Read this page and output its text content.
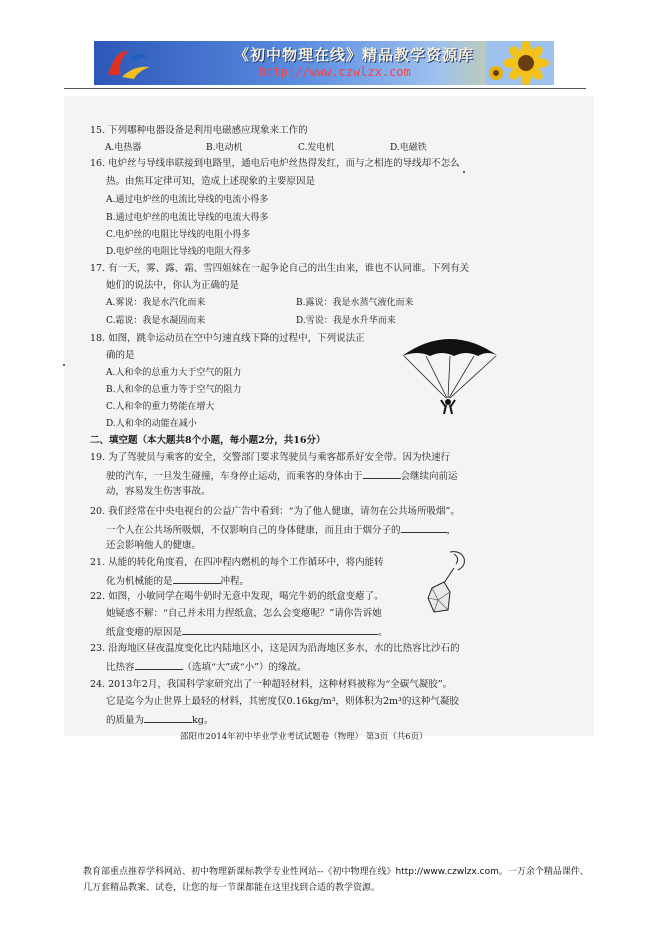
《初中物理在线》精品教学资源库
http://www.czwlzx.com
15. 下列哪种电器设备是利用电磁感应现象来工作的
A.电热器	B.电动机	C.发电机	D.电磁铁
16. 电炉丝与导线串联接到电路里，通电后电炉丝热得发红，而与之相连的导线却不怎么
热。由焦耳定律可知，造成上述现象的主要原因是
A.通过电炉丝的电流比导线的电流小得多
B.通过电炉丝的电流比导线的电流大得多
C.电炉丝的电阻比导线的电阻小得多
D.电炉丝的电阻比导线的电阻大得多
17. 有一天，雾、露、霜、雪四姐妹在一起争论自己的出生由来，谁也不认同谁。下列有关
她们的说法中，你认为正确的是
A.雾说：我是水汽化而来	B.露说：我是水蒸气液化而来
C.霜说：我是水凝固而来	D.雪说：我是水升华而来
18. 如图，跳伞运动员在空中匀速直线下降的过程中，下列说法正
确的是
A.人和伞的总重力大于空气的阻力
B.人和伞的总重力等于空气的阻力
C.人和伞的重力势能在增大
D.人和伞的动能在减小
二、填空题（本大题共8个小题，每小题2分，共16分）
19. 为了驾驶员与乘客的安全，交警部门要求驾驶员与乘客都系好安全带。因为快速行
驶的汽车，一旦发生碰撞，车身停止运动，而乘客的身体由于	会继续向前运
动，容易发生伤害事故。
20. 我们经常在中央电视台的公益广告中看到：“为了他人健康，请勿在公共场所吸烟”。
一个人在公共场所吸烟，不仅影响自己的身体健康，而且由于烟分子的	，
还会影响他人的健康。
21. 从能的转化角度看，在四冲程内燃机的每个工作循环中，将内能转
化为机械能的是	冲程。
22. 如图，小敏同学在喝牛奶时无意中发现，喝完牛奶的纸盒变瘪了。
她疑惑不解：“自己并未用力捏纸盒，怎么会变瘪呢？”请你告诉她
纸盒变瘪的原因是	。
23. 沿海地区昼夜温度变化比内陆地区小，这是因为沿海地区多水，水的比热容比沙石的
比热容	（选填“大”或“小”）的缘故。
24. 2013年2月，我国科学家研究出了一种超轻材料，这种材料被称为“全碳气凝胶”。
它是迄今为止世界上最轻的材料，其密度仅0.16kg/m³，则体积为2m³的这种气凝胶
的质量为	kg。
邵阳市2014年初中毕业学业考试试题卷（物理） 第3页（共6页）
教育部重点推荐学科网站、初中物理新课标教学专业性网站--《初中物理在线》http://www.czwlzx.com。一万余个精品课件、
几万套精品教案、试卷，让您的每一节课都能在这里找到合适的教学资源。
